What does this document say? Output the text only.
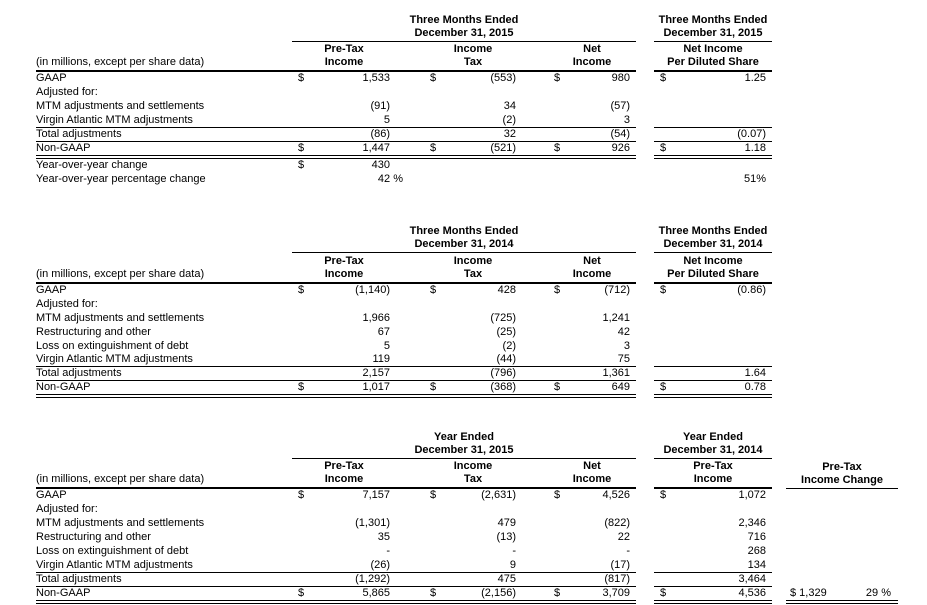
Three Months Ended
December 31, 2015

Three Months Ended
December 31, 2015

(in millions, except per share data)	
Pre-Tax
Income

Income
Tax

Net
Income

Net Income
Per Diluted Share

GAAP	$	1,533		$	(553)		$	980		$	1.25
Adjusted for:											
MTM adjustments and settlements		(91)			34			(57)			
Virgin Atlantic MTM adjustments		5			(2)			3			
Total adjustments		(86)			32			(54)			(0.07)
Non-GAAP	$	1,447		$	(521)		$	926		$	1.18
Year-over-year change	$	430									
Year-over-year percentage change		42 %									51%

Three Months Ended
December 31, 2014

Three Months Ended
December 31, 2014

(in millions, except per share data)	
Pre-Tax
Income

Income
Tax

Net
Income

Net Income
Per Diluted Share

GAAP	$	(1,140)		$	428		$	(712)		$	(0.86)
Adjusted for:											
MTM adjustments and settlements		1,966			(725)			1,241			
Restructuring and other		67			(25)			42			
Loss on extinguishment of debt		5			(2)			3			
Virgin Atlantic MTM adjustments		119			(44)			75			
Total adjustments		2,157			(796)			1,361			1.64
Non-GAAP	$	1,017		$	(368)		$	649		$	0.78

Year Ended
December 31, 2015

Year Ended
December 31, 2014

(in millions, except per share data)	
Pre-Tax
Income

Income
Tax

Net
Income

Pre-Tax
Income

Pre-Tax
Income Change

GAAP	$	7,157		$	(2,631)		$	4,526		$	1,072		
Adjusted for:													
MTM adjustments and settlements		(1,301)			479			(822)			2,346		
Restructuring and other		35			(13)			22			716		
Loss on extinguishment of debt		-			-			-			268		
Virgin Atlantic MTM adjustments		(26)			9			(17)			134		
Total adjustments		(1,292)			475			(817)			3,464		
Non-GAAP	$	5,865		$	(2,156)		$	3,709		$	4,536		$ 1,329 29 %
